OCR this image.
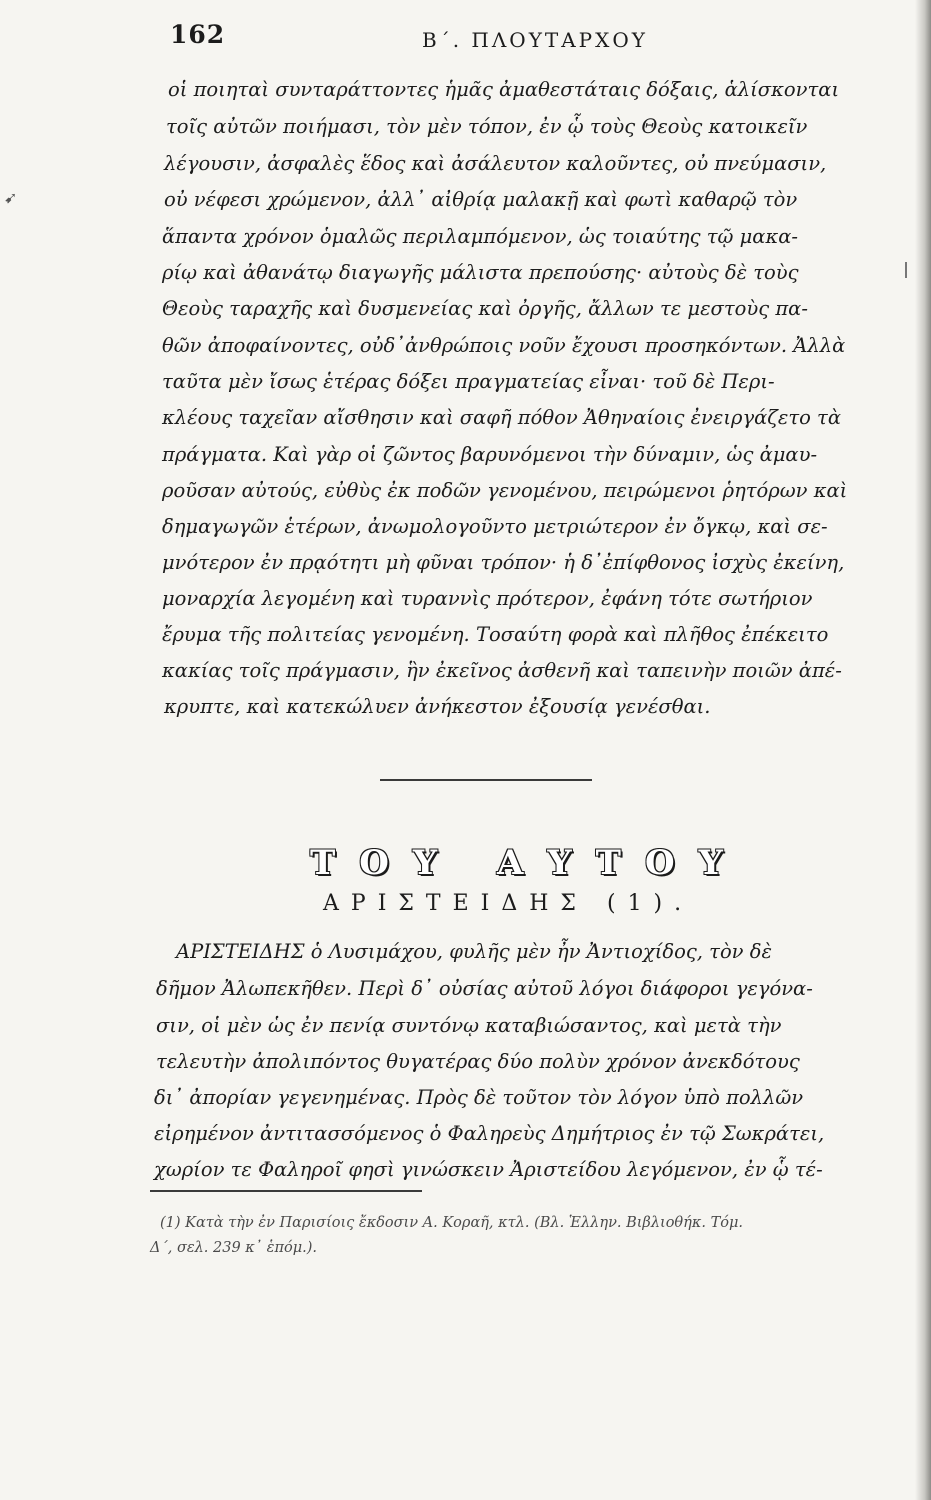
➹
162	Β΄. ΠΛΟΥΤΑΡΧΟΥ
οἱ ποιηταὶ συνταράττοντες ἡμᾶς ἀμαθεστάταις δόξαις, ἁλίσκονται
τοῖς αὐτῶν ποιήμασι, τὸν μὲν τόπον, ἐν ᾧ τοὺς Θεοὺς κατοικεῖν
λέγουσιν, ἀσφαλὲς ἕδος καὶ ἀσάλευτον καλοῦντες, οὐ πνεύμασιν,
οὐ νέφεσι χρώμενον, ἀλλ᾽ αἰθρίᾳ μαλακῇ καὶ φωτὶ καθαρῷ τὸν
ἅπαντα χρόνον ὁμαλῶς περιλαμπόμενον, ὡς τοιαύτης τῷ μακα-
ρίῳ καὶ ἀθανάτῳ διαγωγῆς μάλιστα πρεπούσης· αὐτοὺς δὲ τοὺς
Θεοὺς ταραχῆς καὶ δυσμενείας καὶ ὀργῆς, ἄλλων τε μεστοὺς πα-
θῶν ἀποφαίνοντες, οὐδ᾽ἀνθρώποις νοῦν ἔχουσι προσηκόντων. Ἀλλὰ
ταῦτα μὲν ἴσως ἑτέρας δόξει πραγματείας εἶναι· τοῦ δὲ Περι-
κλέους ταχεῖαν αἴσθησιν καὶ σαφῆ πόθον Ἀθηναίοις ἐνειργάζετο τὰ
πράγματα. Καὶ γὰρ οἱ ζῶντος βαρυνόμενοι τὴν δύναμιν, ὡς ἀμαυ-
ροῦσαν αὐτούς, εὐθὺς ἐκ ποδῶν γενομένου, πειρώμενοι ῥητόρων καὶ
δημαγωγῶν ἑτέρων, ἀνωμολογοῦντο μετριώτερον ἐν ὄγκῳ, καὶ σε-
μνότερον ἐν πρᾳότητι μὴ φῦναι τρόπον· ἡ δ᾽ἐπίφθονος ἰσχὺς ἐκείνη,
μοναρχία λεγομένη καὶ τυραννὶς πρότερον, ἐφάνη τότε σωτήριον
ἔρυμα τῆς πολιτείας γενομένη. Τοσαύτη φορὰ καὶ πλῆθος ἐπέκειτο
κακίας τοῖς πράγμασιν, ἣν ἐκεῖνος ἀσθενῆ καὶ ταπεινὴν ποιῶν ἀπέ-
κρυπτε, καὶ κατεκώλυεν ἀνήκεστον ἐξουσίᾳ γενέσθαι.
ΤΟΥ ΑΥΤΟΥ
ΑΡΙΣΤΕΙΔΗΣ (1).
ΑΡΙΣΤΕΙΔΗΣ ὁ Λυσιμάχου, φυλῆς μὲν ἦν Ἀντιοχίδος, τὸν δὲ
δῆμον Ἀλωπεκῆθεν. Περὶ δ᾽ οὐσίας αὐτοῦ λόγοι διάφοροι γεγόνα-
σιν, οἱ μὲν ὡς ἐν πενίᾳ συντόνῳ καταβιώσαντος, καὶ μετὰ τὴν
τελευτὴν ἀπολιπόντος θυγατέρας δύο πολὺν χρόνον ἀνεκδότους
δι᾽ ἀπορίαν γεγενημένας. Πρὸς δὲ τοῦτον τὸν λόγον ὑπὸ πολλῶν
εἰρημένον ἀντιτασσόμενος ὁ Φαληρεὺς Δημήτριος ἐν τῷ Σωκράτει,
χωρίον τε Φαληροῖ φησὶ γινώσκειν Ἀριστείδου λεγόμενον, ἐν ᾧ τέ-
(1) Κατὰ τὴν ἐν Παρισίοις ἔκδοσιν Α. Κοραῆ, κτλ. (Βλ. Ἑλλην. Βιβλιοθήκ. Τόμ.
Δ΄, σελ. 239 κ᾽ ἑπόμ.).
